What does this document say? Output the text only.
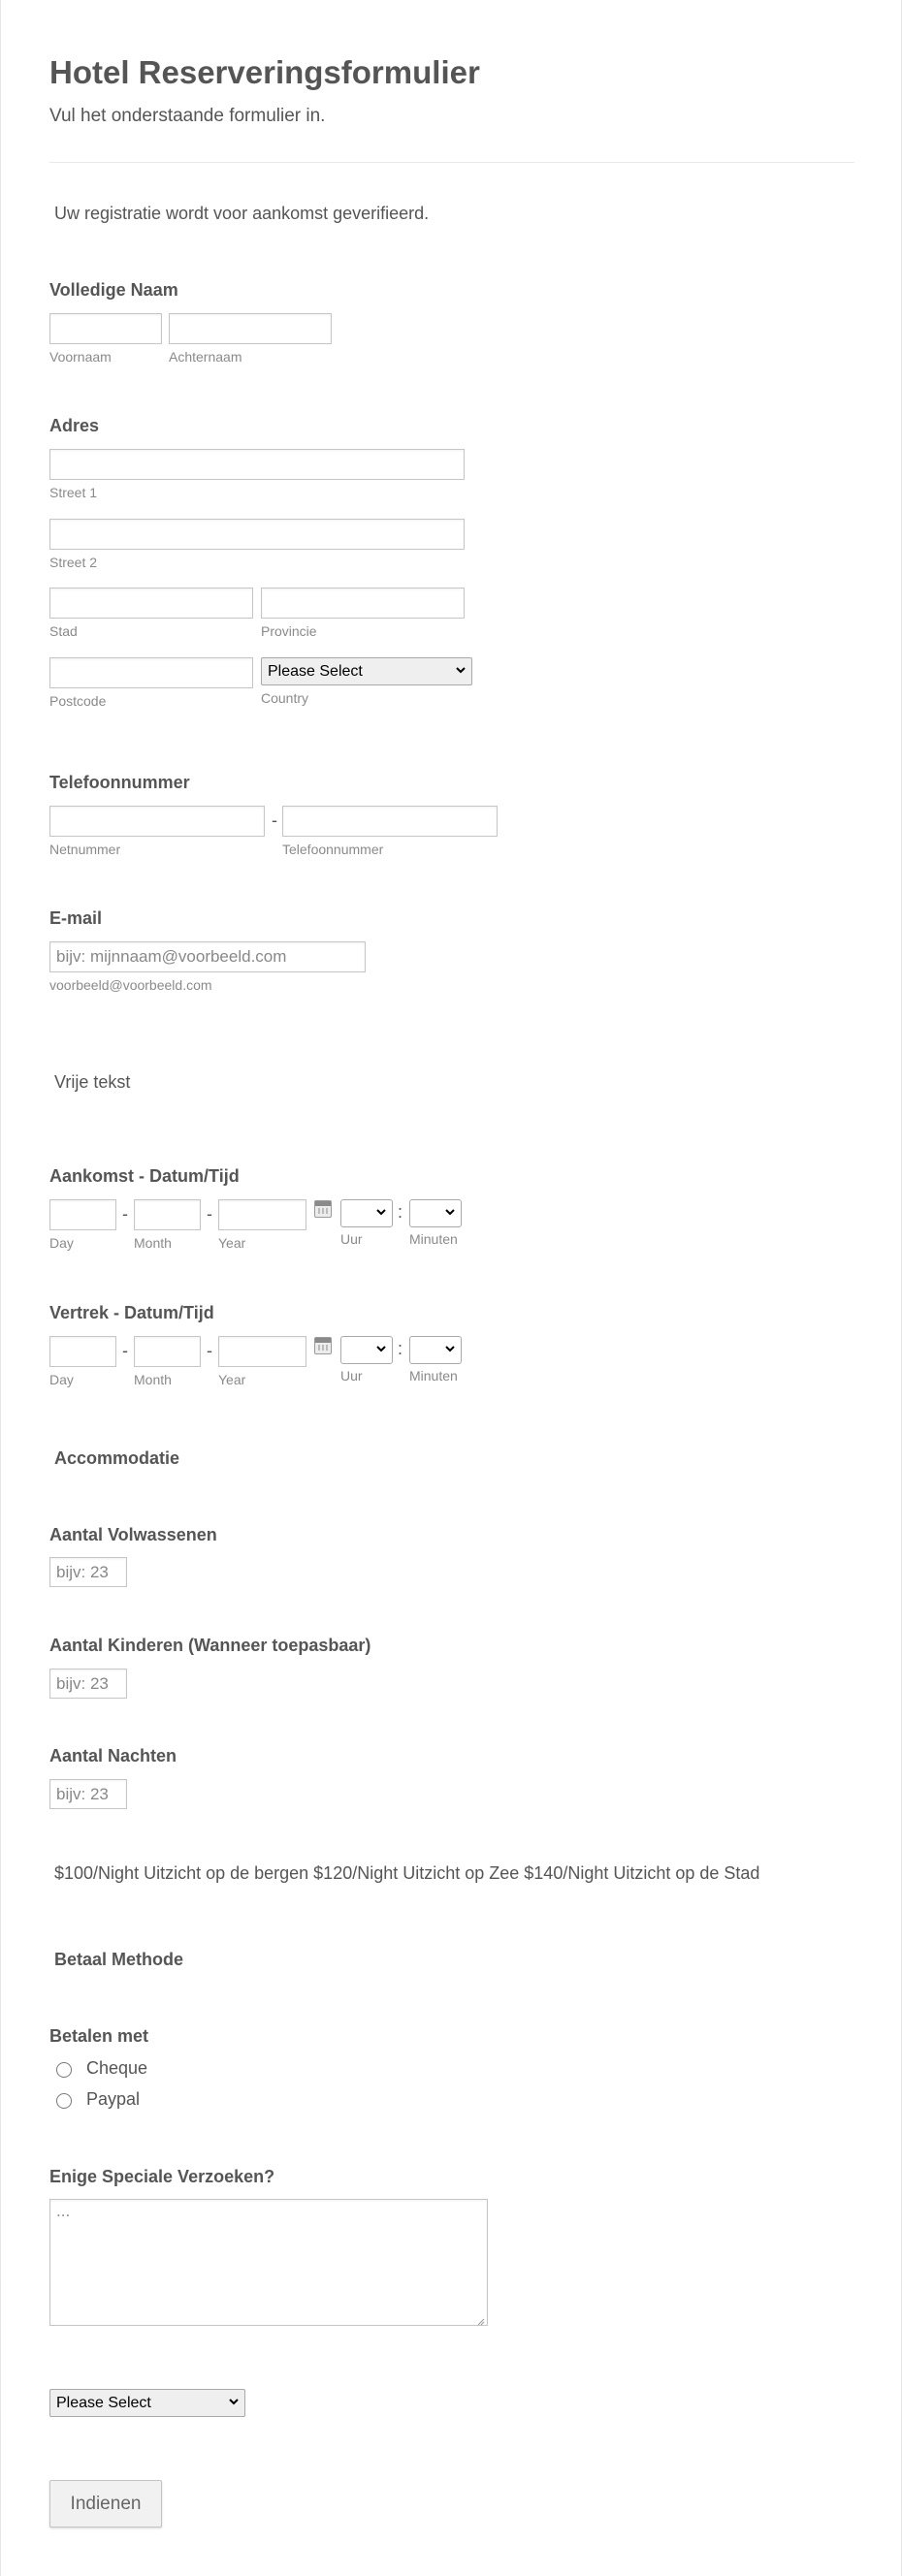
Hotel Reserveringsformulier
Vul het onderstaande formulier in.
Uw registratie wordt voor aankomst geverifieerd.
Volledige Naam
Voornaam	Achternaam
Adres
Street 1
Street 2
Stad	Provincie
Please Select
Postcode	Country
Telefoonnummer
-
Netnummer	Telefoonnummer
E-mail
bijv: mijnnaam@voorbeeld.com
voorbeeld@voorbeeld.com
Vrije tekst
Aankomst - Datum/Tijd
-	-	:
Day	Month	Year	Uur	Minuten
Vertrek - Datum/Tijd
-	-	:
Day	Month	Year	Uur	Minuten
Accommodatie
Aantal Volwassenen
bijv: 23
Aantal Kinderen (Wanneer toepasbaar)
bijv: 23
Aantal Nachten
bijv: 23
$100/Night Uitzicht op de bergen $120/Night Uitzicht op Zee $140/Night Uitzicht op de Stad
Betaal Methode
Betalen met
Cheque
Paypal
Enige Speciale Verzoeken?
...
Please Select
Indienen
